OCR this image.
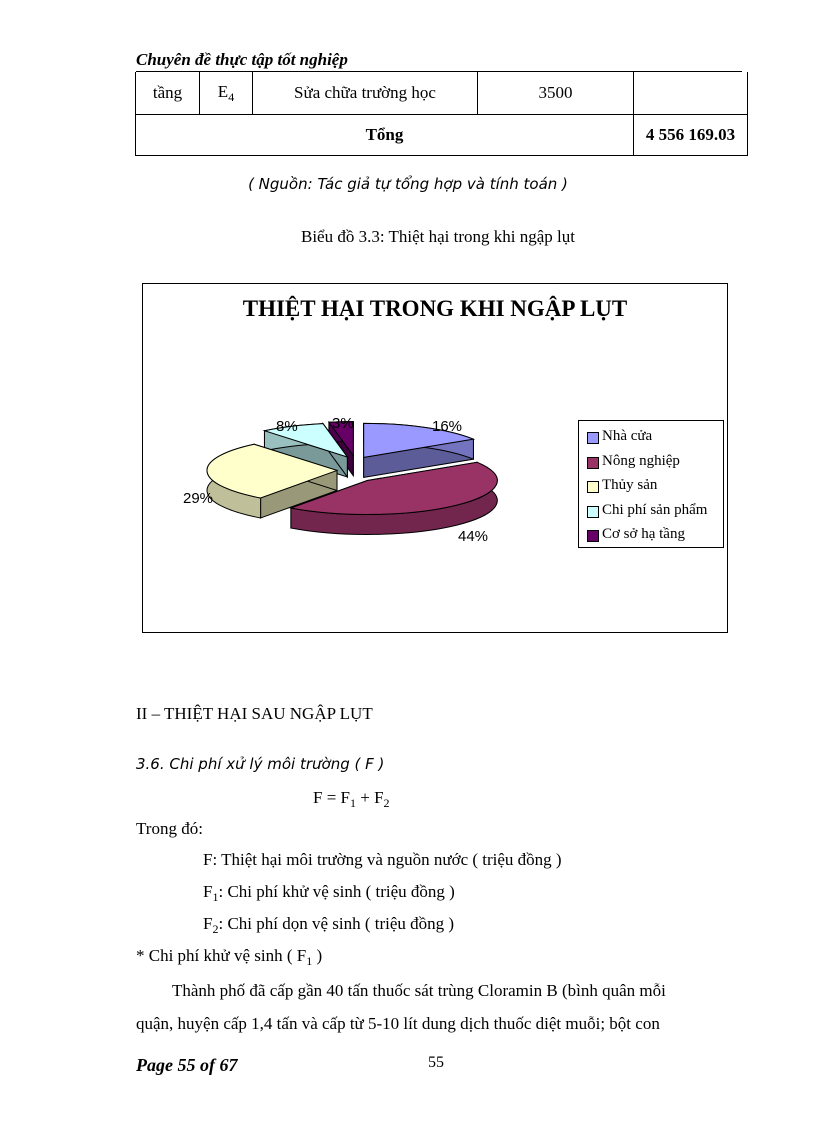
Chuyên đề thực tập tốt nghiệp
tầng	$E_4$	Sửa chữa trường học	3500	
Tổng				4 556 169.03
( Nguồn: Tác giả tự tổng hợp và tính toán )
Biểu đồ 3.3: Thiệt hại trong khi ngập lụt
THIỆT HẠI TRONG KHI NGẬP LỤT
16%
44%
29%
8% 3%
Nhà cửa
Nông nghiệp
Thủy sản
Chi phí sản phẩm
Cơ sở hạ tầng
II – THIỆT HẠI SAU NGẬP LỤT
3.6. Chi phí xử lý môi trường ( F )
$F = F_1 + F_2$
Trong đó:
F: Thiệt hại môi trường và nguồn nước ( triệu đồng )
$F_1$: Chi phí khử vệ sinh ( triệu đồng )
$F_2$: Chi phí dọn vệ sinh ( triệu đồng )
* Chi phí khử vệ sinh ( $F_1$ )
Thành phố đã cấp gần 40 tấn thuốc sát trùng Cloramin B (bình quân mỗi
quận, huyện cấp 1,4 tấn và cấp từ 5-10 lít dung dịch thuốc diệt muỗi; bột con
Page 55 of 67	55
